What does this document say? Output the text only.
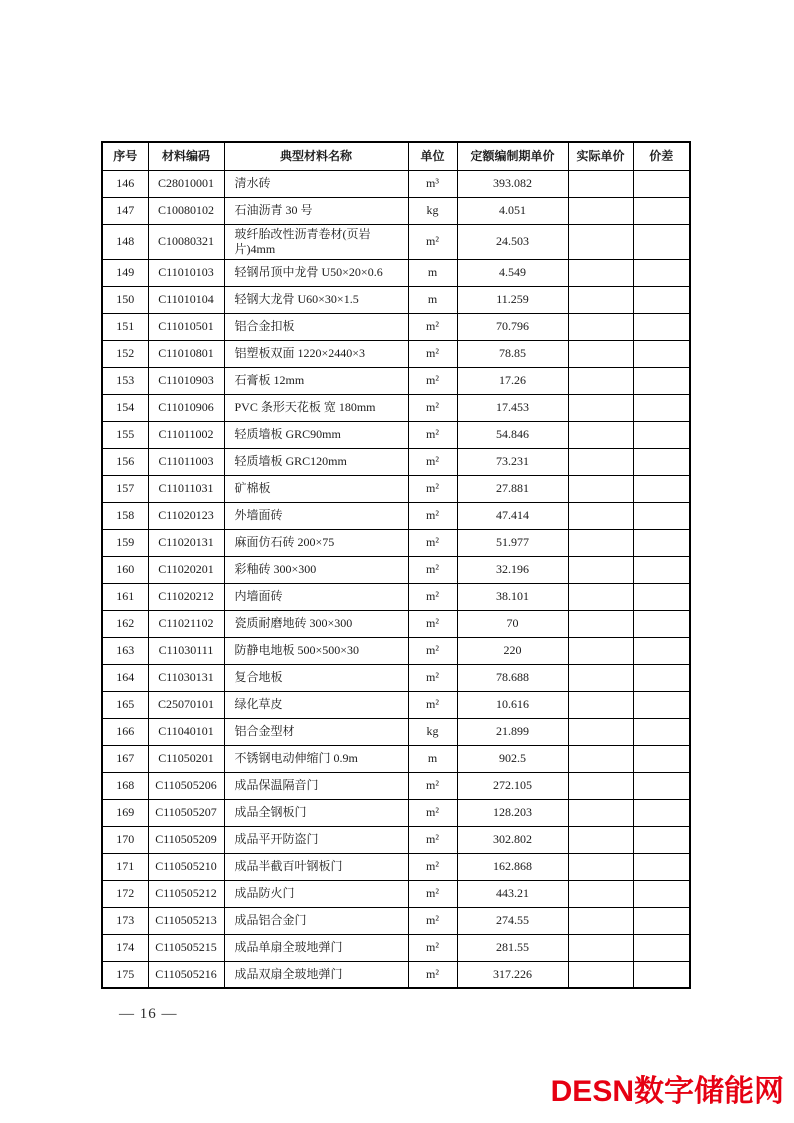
序号	材料编码	典型材料名称	单位	定额编制期单价	实际单价	价差
146	C28010001	清水砖	m³	393.082		
147	C10080102	石油沥青 30 号	kg	4.051		
148	C10080321	玻纤胎改性沥青卷材(页岩片)4mm	m²	24.503		
149	C11010103	轻钢吊顶中龙骨 U50×20×0.6	m	4.549		
150	C11010104	轻钢大龙骨 U60×30×1.5	m	11.259		
151	C11010501	铝合金扣板	m²	70.796		
152	C11010801	铝塑板双面 1220×2440×3	m²	78.85		
153	C11010903	石膏板 12mm	m²	17.26		
154	C11010906	PVC 条形天花板 宽 180mm	m²	17.453		
155	C11011002	轻质墙板 GRC90mm	m²	54.846		
156	C11011003	轻质墙板 GRC120mm	m²	73.231		
157	C11011031	矿棉板	m²	27.881		
158	C11020123	外墙面砖	m²	47.414		
159	C11020131	麻面仿石砖 200×75	m²	51.977		
160	C11020201	彩釉砖 300×300	m²	32.196		
161	C11020212	内墙面砖	m²	38.101		
162	C11021102	瓷质耐磨地砖 300×300	m²	70		
163	C11030111	防静电地板 500×500×30	m²	220		
164	C11030131	复合地板	m²	78.688		
165	C25070101	绿化草皮	m²	10.616		
166	C11040101	铝合金型材	kg	21.899		
167	C11050201	不锈钢电动伸缩门 0.9m	m	902.5		
168	C110505206	成品保温隔音门	m²	272.105		
169	C110505207	成品全钢板门	m²	128.203		
170	C110505209	成品平开防盗门	m²	302.802		
171	C110505210	成品半截百叶钢板门	m²	162.868		
172	C110505212	成品防火门	m²	443.21		
173	C110505213	成品铝合金门	m²	274.55		
174	C110505215	成品单扇全玻地弹门	m²	281.55		
175	C110505216	成品双扇全玻地弹门	m²	317.226		
— 16 —
DESN数字储能网
